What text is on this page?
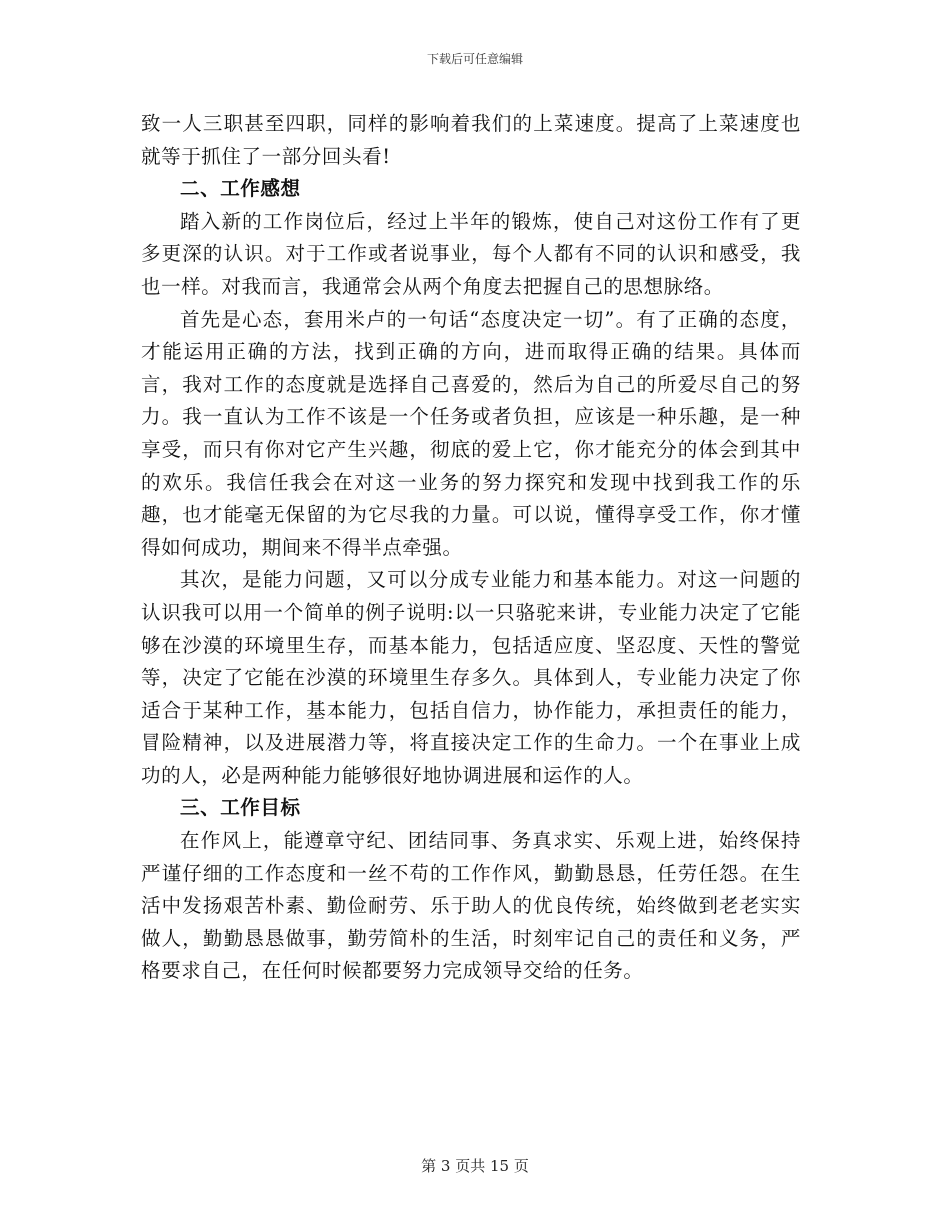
下载后可任意编辑

致一人三职甚至四职，同样的影响着我们的上菜速度。提高了上菜速度也就等于抓住了一部分回头看!

二、工作感想

踏入新的工作岗位后，经过上半年的锻炼，使自己对这份工作有了更多更深的认识。对于工作或者说事业，每个人都有不同的认识和感受，我也一样。对我而言，我通常会从两个角度去把握自己的思想脉络。

首先是心态，套用米卢的一句话“态度决定一切”。有了正确的态度，才能运用正确的方法，找到正确的方向，进而取得正确的结果。具体而言，我对工作的态度就是选择自己喜爱的，然后为自己的所爱尽自己的努力。我一直认为工作不该是一个任务或者负担，应该是一种乐趣，是一种享受，而只有你对它产生兴趣，彻底的爱上它，你才能充分的体会到其中的欢乐。我信任我会在对这一业务的努力探究和发现中找到我工作的乐趣，也才能毫无保留的为它尽我的力量。可以说，懂得享受工作，你才懂得如何成功，期间来不得半点牵强。

其次，是能力问题，又可以分成专业能力和基本能力。对这一问题的认识我可以用一个简单的例子说明:以一只骆驼来讲，专业能力决定了它能够在沙漠的环境里生存，而基本能力，包括适应度、坚忍度、天性的警觉等，决定了它能在沙漠的环境里生存多久。具体到人，专业能力决定了你适合于某种工作，基本能力，包括自信力，协作能力，承担责任的能力，冒险精神，以及进展潜力等，将直接决定工作的生命力。一个在事业上成功的人，必是两种能力能够很好地协调进展和运作的人。

三、工作目标

在作风上，能遵章守纪、团结同事、务真求实、乐观上进，始终保持严谨仔细的工作态度和一丝不苟的工作作风，勤勤恳恳，任劳任怨。在生活中发扬艰苦朴素、勤俭耐劳、乐于助人的优良传统，始终做到老老实实做人，勤勤恳恳做事，勤劳简朴的生活，时刻牢记自己的责任和义务，严格要求自己，在任何时候都要努力完成领导交给的任务。

第 3 页共 15 页
